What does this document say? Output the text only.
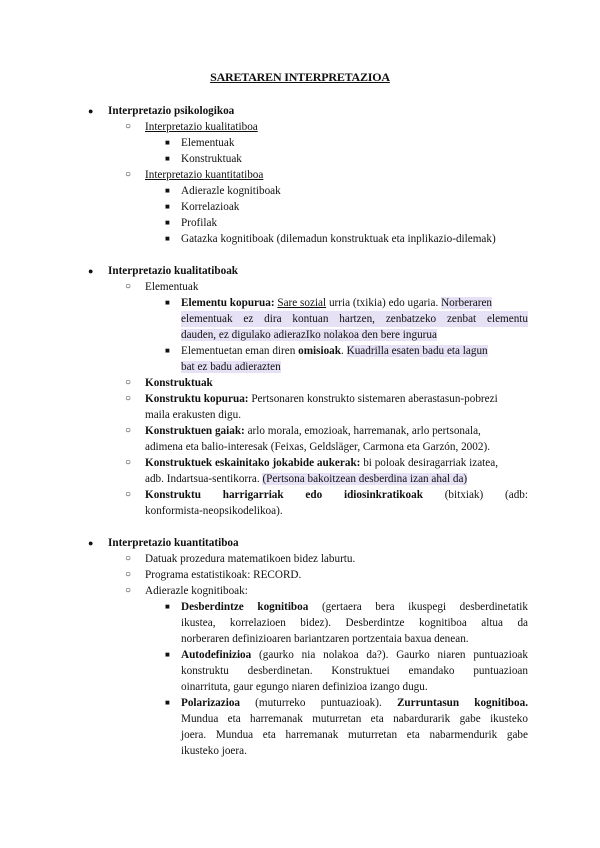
SARETAREN INTERPRETAZIOA
● Interpretazio psikologikoa
○ Interpretazio kualitatiboa
■ Elementuak
■ Konstruktuak
○ Interpretazio kuantitatiboa
■ Adierazle kognitiboak
■ Korrelazioak
■ Profilak
■ Gatazka kognitiboak (dilemadun konstruktuak eta inplikazio-dilemak)
● Interpretazio kualitatiboak
○ Elementuak
■ Elementu kopurua: Sare sozial urria (txikia) edo ugaria. Norberaren
elementuak ez dira kontuan hartzen, zenbatzeko zenbat elementu
dauden, ez digulako adierazIko nolakoa den bere ingurua
■ Elementuetan eman diren omisioak. Kuadrilla esaten badu eta lagun
bat ez badu adierazten
○ Konstruktuak
○ Konstruktu kopurua: Pertsonaren konstrukto sistemaren aberastasun-pobrezi
maila erakusten digu.
○ Konstruktuen gaiak: arlo morala, emozioak, harremanak, arlo pertsonala,
adimena eta balio-interesak (Feixas, Geldsläger, Carmona eta Garzón, 2002).
○ Konstruktuek eskainitako jokabide aukerak: bi poloak desiragarriak izatea,
adb. Indartsua-sentikorra. (Pertsona bakoitzean desberdina izan ahal da)
○ Konstruktu harrigarriak edo idiosinkratikoak (bitxiak) (adb:
konformista-neopsikodelikoa).
● Interpretazio kuantitatiboa
○ Datuak prozedura matematikoen bidez laburtu.
○ Programa estatistikoak: RECORD.
○ Adierazle kognitiboak:
■ Desberdintze kognitiboa (gertaera bera ikuspegi desberdinetatik
ikustea, korrelazioen bidez). Desberdintze kognitiboa altua da
norberaren definizioaren bariantzaren portzentaia baxua denean.
■ Autodefinizioa (gaurko nia nolakoa da?). Gaurko niaren puntuazioak
konstruktu desberdinetan. Konstruktuei emandako puntuazioan
oinarrituta, gaur egungo niaren definizioa izango dugu.
■ Polarizazioa (muturreko puntuazioak). Zurruntasun kognitiboa.
Mundua eta harremanak muturretan eta nabardurarik gabe ikusteko
joera. Mundua eta harremanak muturretan eta nabarmendurik gabe
ikusteko joera.
